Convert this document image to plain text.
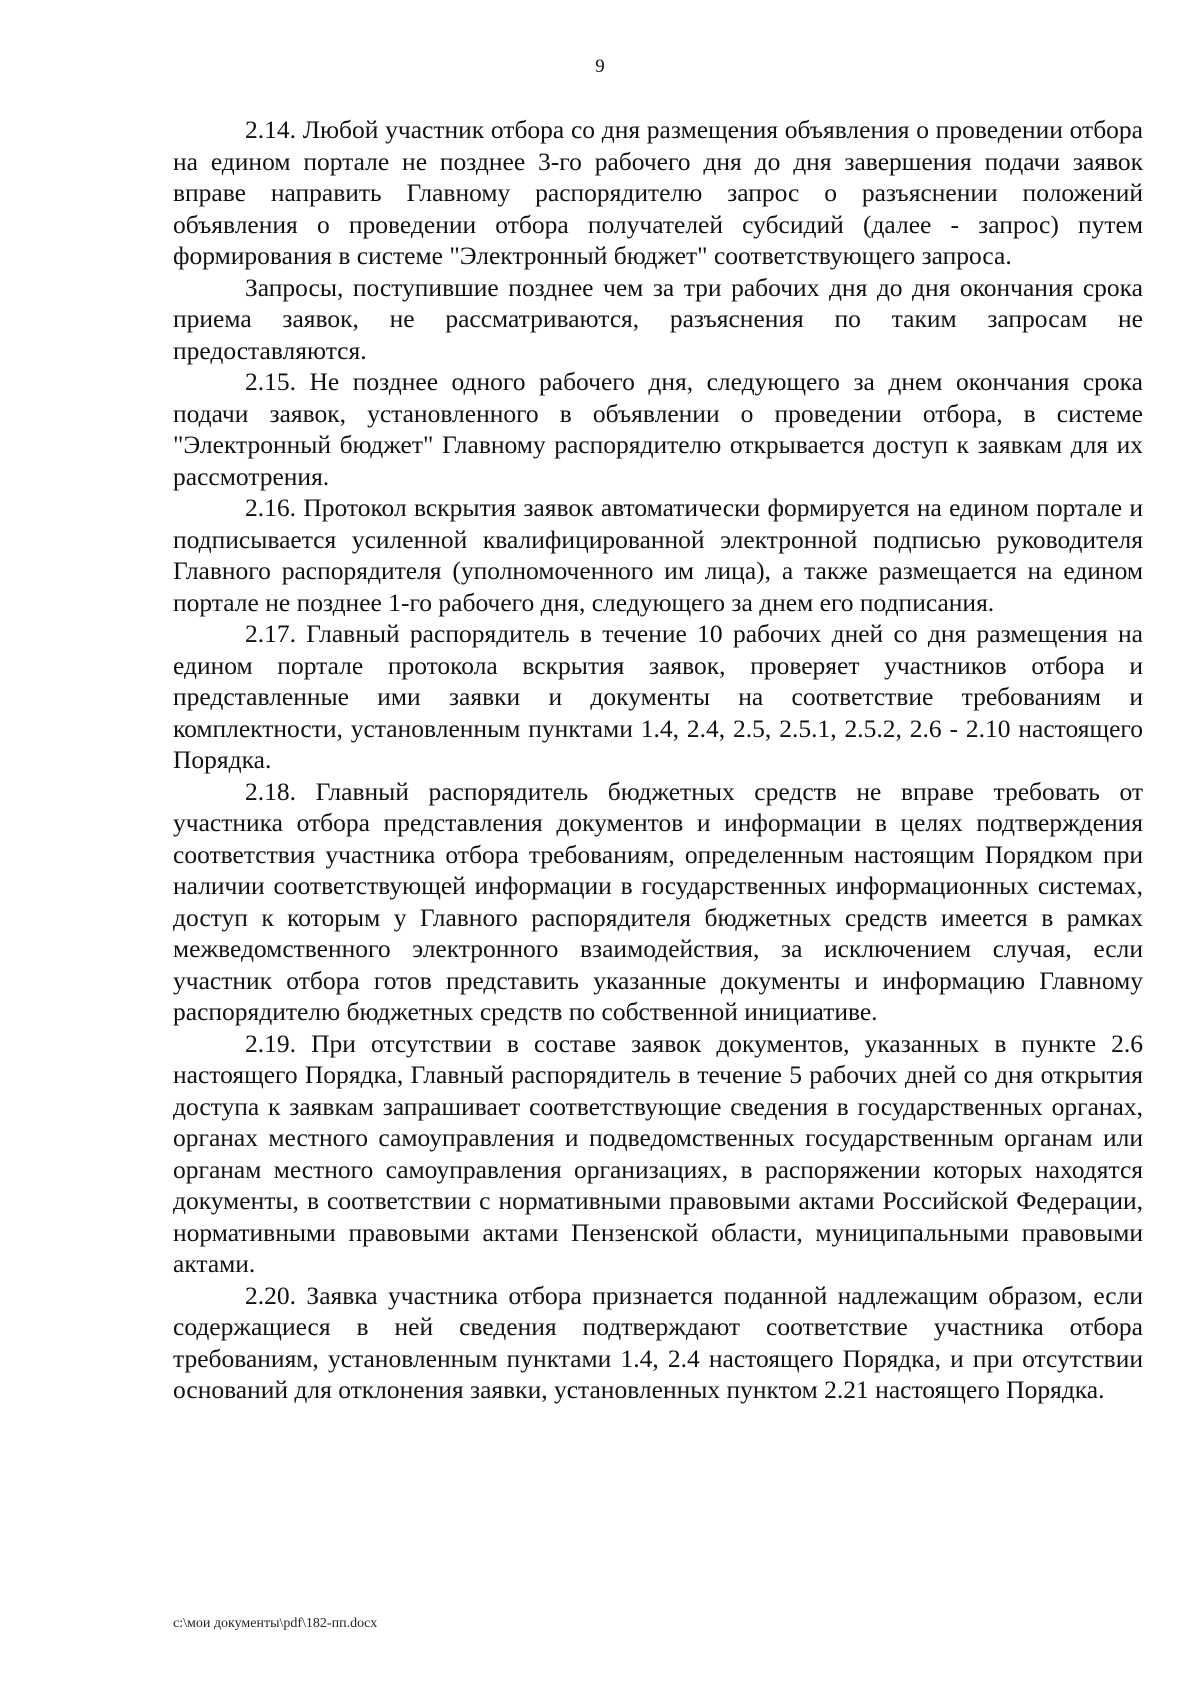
9

2.14. Любой участник отбора со дня размещения объявления о проведении отбора на едином портале не позднее 3-го рабочего дня до дня завершения подачи заявок вправе направить Главному распорядителю запрос о разъяснении положений объявления о проведении отбора получателей субсидий (далее - запрос) путем формирования в системе "Электронный бюджет" соответствующего запроса.

Запросы, поступившие позднее чем за три рабочих дня до дня окончания срока приема заявок, не рассматриваются, разъяснения по таким запросам не предоставляются.

2.15. Не позднее одного рабочего дня, следующего за днем окончания срока подачи заявок, установленного в объявлении о проведении отбора, в системе "Электронный бюджет" Главному распорядителю открывается доступ к заявкам для их рассмотрения.

2.16. Протокол вскрытия заявок автоматически формируется на едином портале и подписывается усиленной квалифицированной электронной подписью руководителя Главного распорядителя (уполномоченного им лица), а также размещается на едином портале не позднее 1-го рабочего дня, следующего за днем его подписания.

2.17. Главный распорядитель в течение 10 рабочих дней со дня размещения на едином портале протокола вскрытия заявок, проверяет участников отбора и представленные ими заявки и документы на соответствие требованиям и комплектности, установленным пунктами 1.4, 2.4, 2.5, 2.5.1, 2.5.2, 2.6 - 2.10 настоящего Порядка.

2.18. Главный распорядитель бюджетных средств не вправе требовать от участника отбора представления документов и информации в целях подтверждения соответствия участника отбора требованиям, определенным настоящим Порядком при наличии соответствующей информации в государственных информационных системах, доступ к которым у Главного распорядителя бюджетных средств имеется в рамках межведомственного электронного взаимодействия, за исключением случая, если участник отбора готов представить указанные документы и информацию Главному распорядителю бюджетных средств по собственной инициативе.

2.19. При отсутствии в составе заявок документов, указанных в пункте 2.6 настоящего Порядка, Главный распорядитель в течение 5 рабочих дней со дня открытия доступа к заявкам запрашивает соответствующие сведения в государственных органах, органах местного самоуправления и подведомственных государственным органам или органам местного самоуправления организациях, в распоряжении которых находятся документы, в соответствии с нормативными правовыми актами Российской Федерации, нормативными правовыми актами Пензенской области, муниципальными правовыми актами.

2.20. Заявка участника отбора признается поданной надлежащим образом, если содержащиеся в ней сведения подтверждают соответствие участника отбора требованиям, установленным пунктами 1.4, 2.4 настоящего Порядка, и при отсутствии оснований для отклонения заявки, установленных пунктом 2.21 настоящего Порядка.

c:\мои документы\pdf\182-пп.docx
